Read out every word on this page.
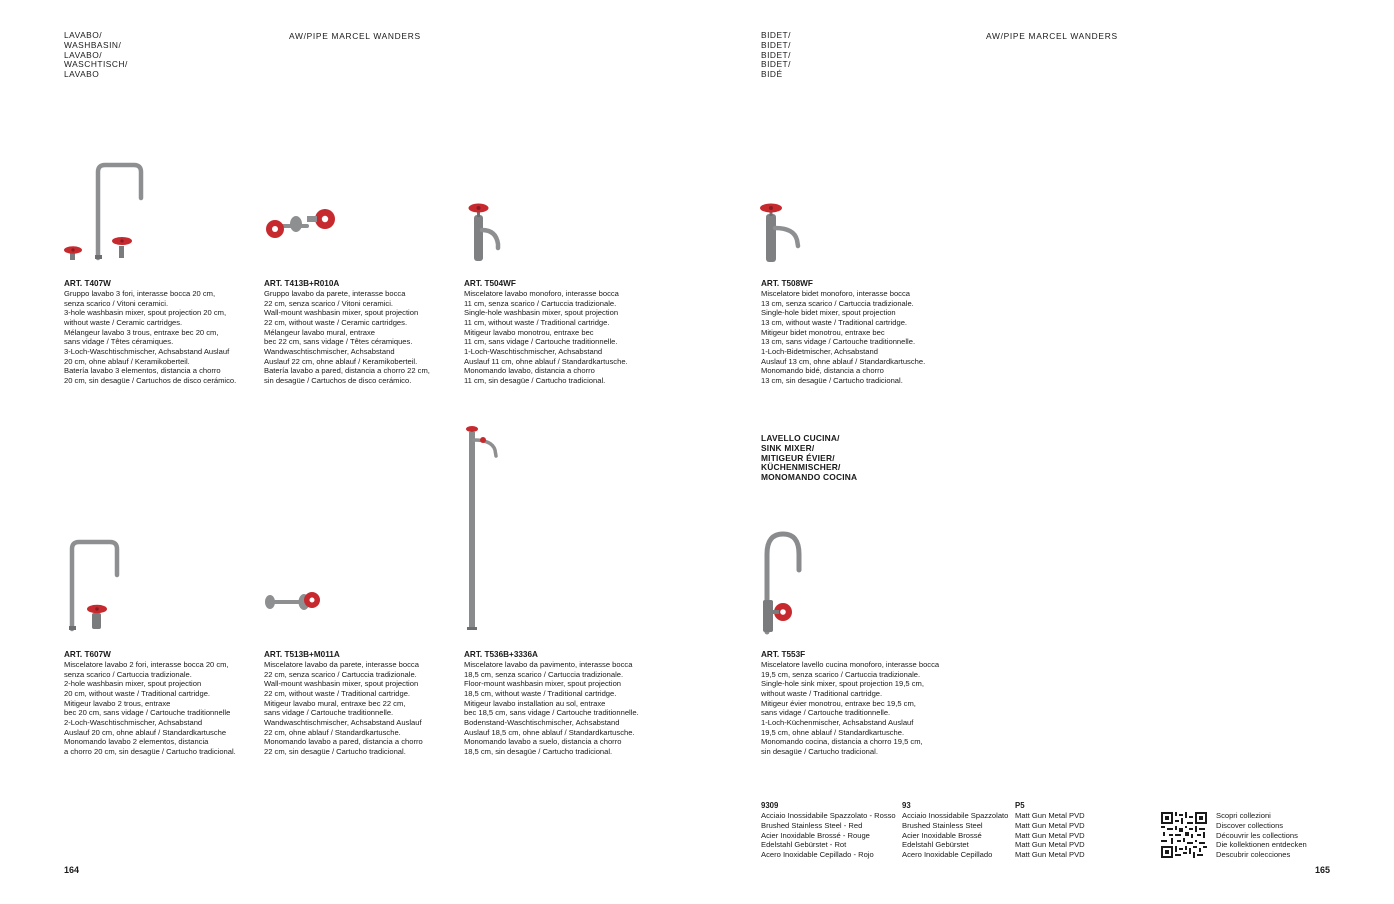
LAVABO/
WASHBASIN/
LAVABO/
WASCHTISCH/
LAVABO
AW/PIPE MARCEL WANDERS
ART. T407W
Gruppo lavabo 3 fori, interasse bocca 20 cm,
senza scarico / Vitoni ceramici.
3-hole washbasin mixer, spout projection 20 cm,
without waste / Ceramic cartridges.
Mélangeur lavabo 3 trous, entraxe bec 20 cm,
sans vidage / Têtes céramiques.
3-Loch-Waschtischmischer, Achsabstand Auslauf
20 cm, ohne ablauf / Keramikoberteil.
Batería lavabo 3 elementos, distancia a chorro
20 cm, sin desagüe / Cartuchos de disco cerámico.
ART. T413B+R010A
Gruppo lavabo da parete, interasse bocca
22 cm, senza scarico / Vitoni ceramici.
Wall-mount washbasin mixer, spout projection
22 cm, without waste / Ceramic cartridges.
Mélangeur lavabo mural, entraxe
bec 22 cm, sans vidage / Têtes céramiques.
Wandwaschtischmischer, Achsabstand
Auslauf 22 cm, ohne ablauf / Keramikoberteil.
Batería lavabo a pared, distancia a chorro 22 cm,
sin desagüe / Cartuchos de disco cerámico.
ART. T504WF
Miscelatore lavabo monoforo, interasse bocca
11 cm, senza scarico / Cartuccia tradizionale.
Single-hole washbasin mixer, spout projection
11 cm, without waste / Traditional cartridge.
Mitigeur lavabo monotrou, entraxe bec
11 cm, sans vidage / Cartouche traditionnelle.
1-Loch-Waschtischmischer, Achsabstand
Auslauf 11 cm, ohne ablauf / Standardkartusche.
Monomando lavabo, distancia a chorro
11 cm, sin desagüe / Cartucho tradicional.
ART. T607W
Miscelatore lavabo 2 fori, interasse bocca 20 cm,
senza scarico / Cartuccia tradizionale.
2-hole washbasin mixer, spout projection
20 cm, without waste / Traditional cartridge.
Mitigeur lavabo 2 trous, entraxe
bec 20 cm, sans vidage / Cartouche traditionnelle
2-Loch-Waschtischmischer, Achsabstand
Auslauf 20 cm, ohne ablauf / Standardkartusche
Monomando lavabo 2 elementos, distancia
a chorro 20 cm, sin desagüe / Cartucho tradicional.
ART. T513B+M011A
Miscelatore lavabo da parete, interasse bocca
22 cm, senza scarico / Cartuccia tradizionale.
Wall-mount washbasin mixer, spout projection
22 cm, without waste / Traditional cartridge.
Mitigeur lavabo mural, entraxe bec 22 cm,
sans vidage / Cartouche traditionnelle.
Wandwaschtischmischer, Achsabstand Auslauf
22 cm, ohne ablauf / Standardkartusche.
Monomando lavabo a pared, distancia a chorro
22 cm, sin desagüe / Cartucho tradicional.
ART. T536B+3336A
Miscelatore lavabo da pavimento, interasse bocca
18,5 cm, senza scarico / Cartuccia tradizionale.
Floor-mount washbasin mixer, spout projection
18,5 cm, without waste / Traditional cartridge.
Mitigeur lavabo installation au sol, entraxe
bec 18,5 cm, sans vidage / Cartouche traditionnelle.
Bodenstand-Waschtischmischer, Achsabstand
Auslauf 18,5 cm, ohne ablauf / Standardkartusche.
Monomando lavabo a suelo, distancia a chorro
18,5 cm, sin desagüe / Cartucho tradicional.
164
BIDET/
BIDET/
BIDET/
BIDET/
BIDÉ
AW/PIPE MARCEL WANDERS
ART. T508WF
Miscelatore bidet monoforo, interasse bocca
13 cm, senza scarico / Cartuccia tradizionale.
Single-hole bidet mixer, spout projection
13 cm, without waste / Traditional cartridge.
Mitigeur bidet monotrou, entraxe bec
13 cm, sans vidage / Cartouche traditionnelle.
1-Loch-Bidetmischer, Achsabstand
Auslauf 13 cm, ohne ablauf / Standardkartusche.
Monomando bidé, distancia a chorro
13 cm, sin desagüe / Cartucho tradicional.
LAVELLO CUCINA/
SINK MIXER/
MITIGEUR ÉVIER/
KÜCHENMISCHER/
MONOMANDO COCINA
ART. T553F
Miscelatore lavello cucina monoforo, interasse bocca
19,5 cm, senza scarico / Cartuccia tradizionale.
Single-hole sink mixer, spout projection 19,5 cm,
without waste / Traditional cartridge.
Mitigeur évier monotrou, entraxe bec 19,5 cm,
sans vidage / Cartouche traditionnelle.
1-Loch-Küchenmischer, Achsabstand Auslauf
19,5 cm, ohne ablauf / Standardkartusche.
Monomando cocina, distancia a chorro 19,5 cm,
sin desagüe / Cartucho tradicional.
9309
Acciaio Inossidabile Spazzolato - Rosso
Brushed Stainless Steel - Red
Acier Inoxidable Brossé - Rouge
Edelstahl Gebürstet - Rot
Acero Inoxidable Cepillado - Rojo
93
Acciaio Inossidabile Spazzolato
Brushed Stainless Steel
Acier Inoxidable Brossé
Edelstahl Gebürstet
Acero Inoxidable Cepillado
P5
Matt Gun Metal PVD
Matt Gun Metal PVD
Matt Gun Metal PVD
Matt Gun Metal PVD
Matt Gun Metal PVD
Scopri collezioni
Discover collections
Découvrir les collections
Die kollektionen entdecken
Descubrir colecciones
165
